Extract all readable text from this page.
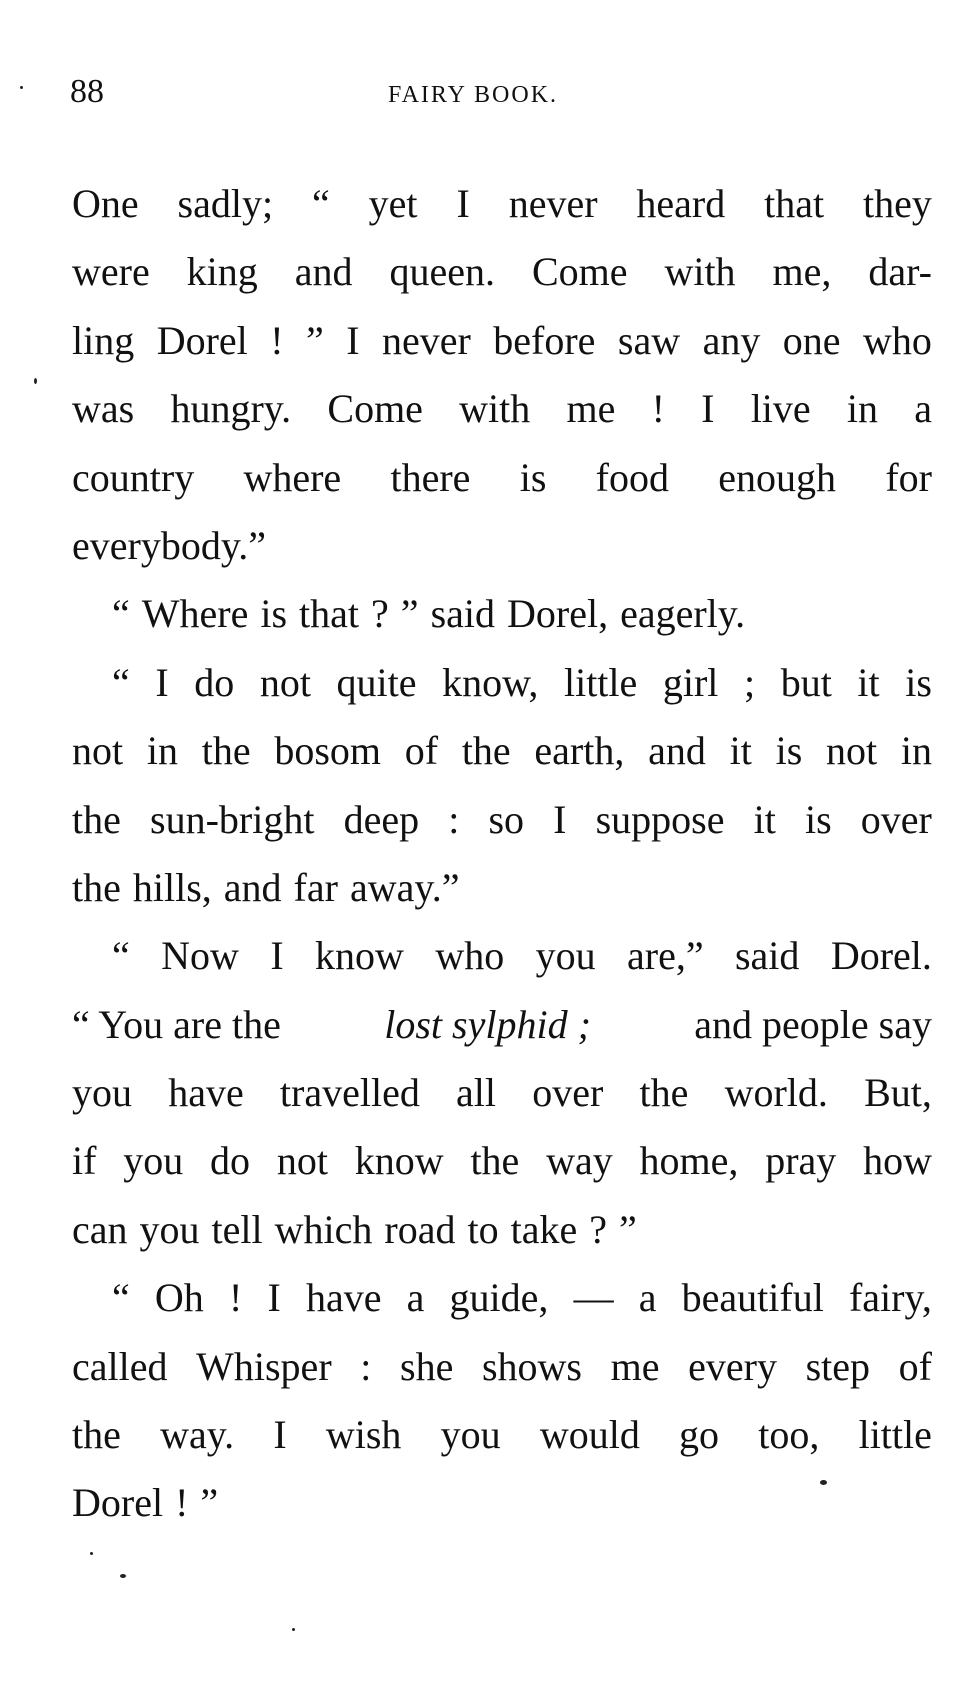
88	FAIRY BOOK.
One sadly; “ yet I never heard that they
were king and queen. Come with me, dar-
ling Dorel ! ” I never before saw any one who
was hungry. Come with me ! I live in a
country where there is food enough for
everybody.”
“ Where is that ? ” said Dorel, eagerly.
“ I do not quite know, little girl ; but it is
not in the bosom of the earth, and it is not in
the sun-bright deep : so I suppose it is over
the hills, and far away.”
“ Now I know who you are,” said Dorel.
“ You are the	lost sylphid ;	and people say
you have travelled all over the world. But,
if you do not know the way home, pray how
can you tell which road to take ? ”
“ Oh ! I have a guide, — a beautiful fairy,
called Whisper : she shows me every step of
the way. I wish you would go too, little
Dorel ! ”
